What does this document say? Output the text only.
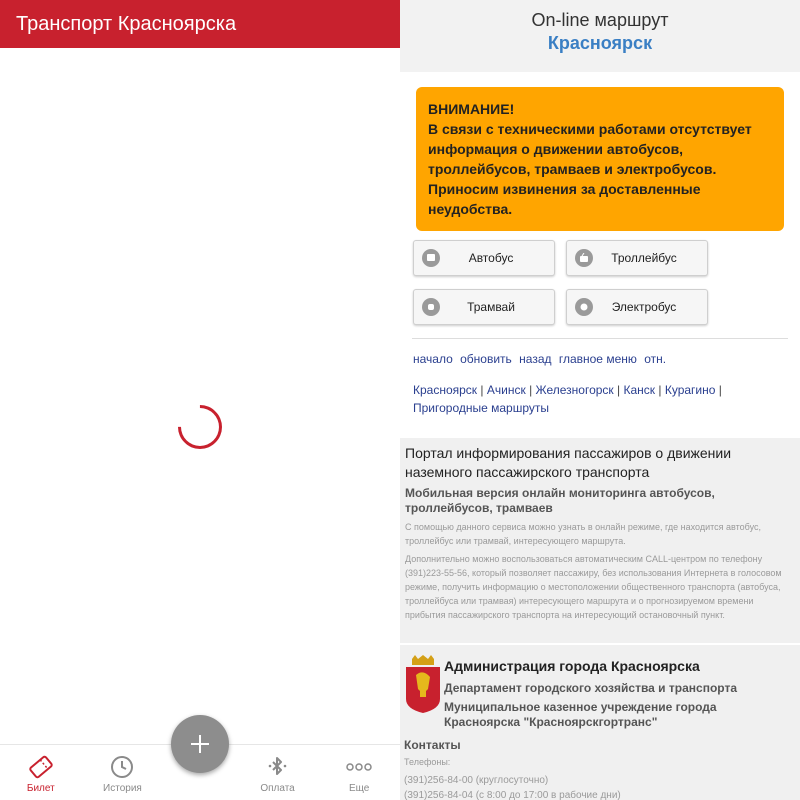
Транспорт Красноярска
Билет	История	Оплата	Еще
On-line маршрут
Красноярск
ВНИМАНИЕ!
В связи с техническими работами отсутствует информация о движении автобусов, троллейбусов, трамваев и электробусов.
Приносим извинения за доставленные неудобства.
Автобус	Троллейбус
Трамвай	Электробус
начало обновить назад главное меню отн.
Красноярск | Ачинск | Железногорск | Канск | Курагино |
Пригородные маршруты
Портал информирования пассажиров о движении наземного пассажирского транспорта
Мобильная версия онлайн мониторинга автобусов, троллейбусов, трамваев
С помощью данного сервиса можно узнать в онлайн режиме, где находится автобус, троллейбус или трамвай, интересующего маршрута.
Дополнительно можно воспользоваться автоматическим CALL-центром по телефону (391)223-55-56, который позволяет пассажиру, без использования Интернета в голосовом режиме, получить информацию о местоположении общественного транспорта (автобуса, троллейбуса или трамвая) интересующего маршрута и о прогнозируемом времени прибытия пассажирского транспорта на интересующий остановочный пункт.
Администрация города Красноярска
Департамент городского хозяйства и транспорта
Муниципальное казенное учреждение города Красноярска "Красноярскгортранс"
Контакты
Телефоны:
(391)256-84-00 (круглосуточно)
(391)256-84-04 (с 8:00 до 17:00 в рабочие дни)
